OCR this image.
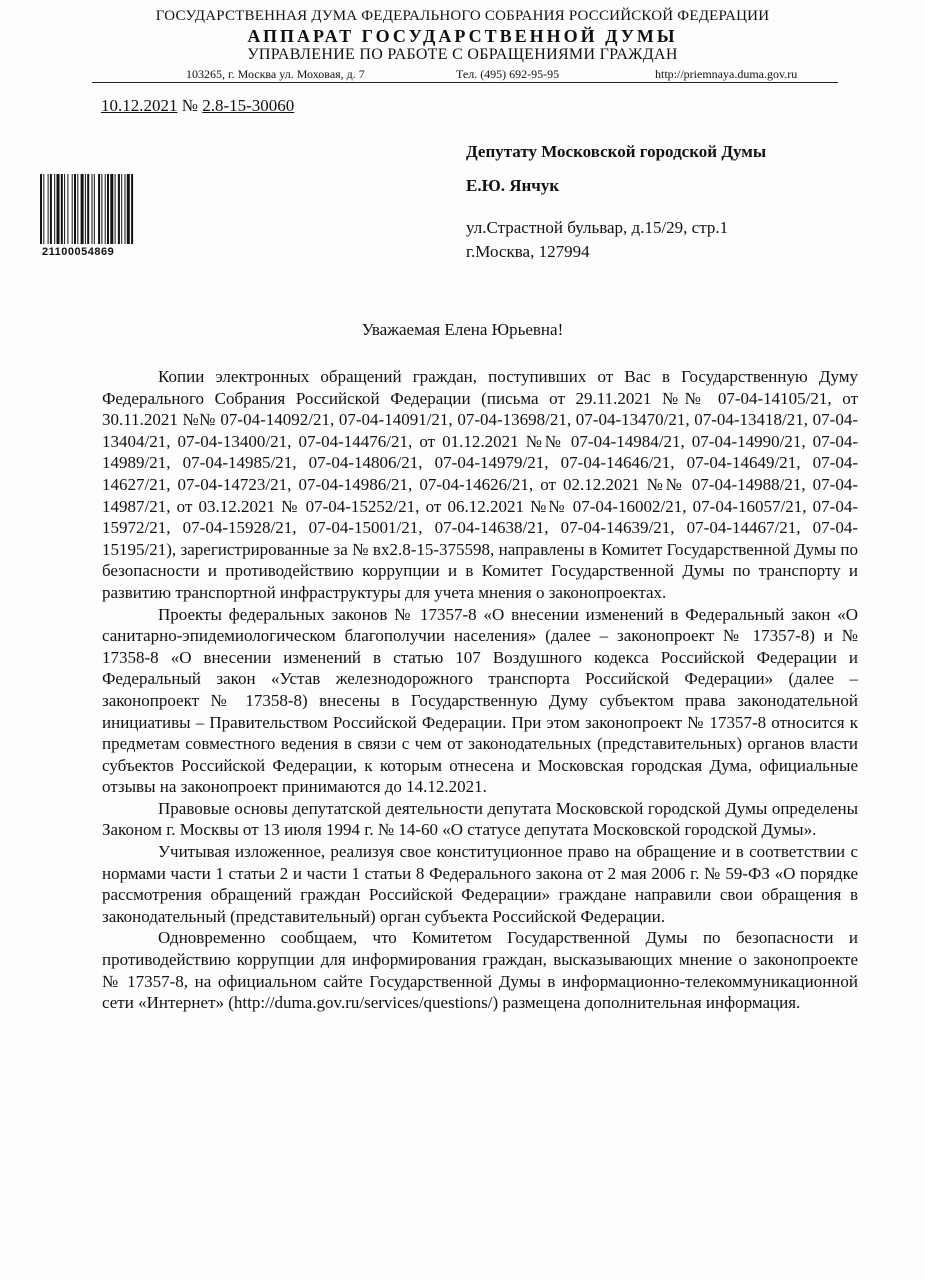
ГОСУДАРСТВЕННАЯ ДУМА ФЕДЕРАЛЬНОГО СОБРАНИЯ РОССИЙСКОЙ ФЕДЕРАЦИИ
АППАРАТ ГОСУДАРСТВЕННОЙ ДУМЫ
УПРАВЛЕНИЕ ПО РАБОТЕ С ОБРАЩЕНИЯМИ ГРАЖДАН
103265, г. Москва ул. Моховая, д. 7	Тел. (495) 692-95-95	http://priemnaya.duma.gov.ru
10.12.2021 № 2.8-15-30060
21100054869
Депутату Московской городской Думы
Е.Ю. Янчук
ул.Страстной бульвар, д.15/29, стр.1
г.Москва, 127994
Уважаемая Елена Юрьевна!

Копии электронных обращений граждан, поступивших от Вас в Государственную Думу Федерального Собрания Российской Федерации (письма от 29.11.2021 №№ 07-04-14105/21, от 30.11.2021 №№ 07-04-14092/21, 07-04-14091/21, 07-04-13698/21, 07-04-13470/21, 07-04-13418/21, 07-04-13404/21, 07-04-13400/21, 07-04-14476/21, от 01.12.2021 №№ 07-04-14984/21, 07-04-14990/21, 07-04-14989/21, 07-04-14985/21, 07-04-14806/21, 07-04-14979/21, 07-04-14646/21, 07-04-14649/21, 07-04-14627/21, 07-04-14723/21, 07-04-14986/21, 07-04-14626/21, от 02.12.2021 №№ 07-04-14988/21, 07-04-14987/21, от 03.12.2021 № 07-04-15252/21, от 06.12.2021 №№ 07-04-16002/21, 07-04-16057/21, 07-04-15972/21, 07-04-15928/21, 07-04-15001/21, 07-04-14638/21, 07-04-14639/21, 07-04-14467/21, 07-04-15195/21), зарегистрированные за № вх2.8-15-375598, направлены в Комитет Государственной Думы по безопасности и противодействию коррупции и в Комитет Государственной Думы по транспорту и развитию транспортной инфраструктуры для учета мнения о законопроектах.

Проекты федеральных законов № 17357-8 «О внесении изменений в Федеральный закон «О санитарно-эпидемиологическом благополучии населения» (далее – законопроект № 17357-8) и № 17358-8 «О внесении изменений в статью 107 Воздушного кодекса Российской Федерации и Федеральный закон «Устав железнодорожного транспорта Российской Федерации» (далее – законопроект № 17358-8) внесены в Государственную Думу субъектом права законодательной инициативы – Правительством Российской Федерации. При этом законопроект № 17357-8 относится к предметам совместного ведения в связи с чем от законодательных (представительных) органов власти субъектов Российской Федерации, к которым отнесена и Московская городская Дума, официальные отзывы на законопроект принимаются до 14.12.2021.

Правовые основы депутатской деятельности депутата Московской городской Думы определены Законом г. Москвы от 13 июля 1994 г. № 14-60 «О статусе депутата Московской городской Думы».

Учитывая изложенное, реализуя свое конституционное право на обращение и в соответствии с нормами части 1 статьи 2 и части 1 статьи 8 Федерального закона от 2 мая 2006 г. № 59-ФЗ «О порядке рассмотрения обращений граждан Российской Федерации» граждане направили свои обращения в законодательный (представительный) орган субъекта Российской Федерации.

Одновременно сообщаем, что Комитетом Государственной Думы по безопасности и противодействию коррупции для информирования граждан, высказывающих мнение о законопроекте № 17357-8, на официальном сайте Государственной Думы в информационно-телекоммуникационной сети «Интернет» (http://duma.gov.ru/services/questions/) размещена дополнительная информация.
